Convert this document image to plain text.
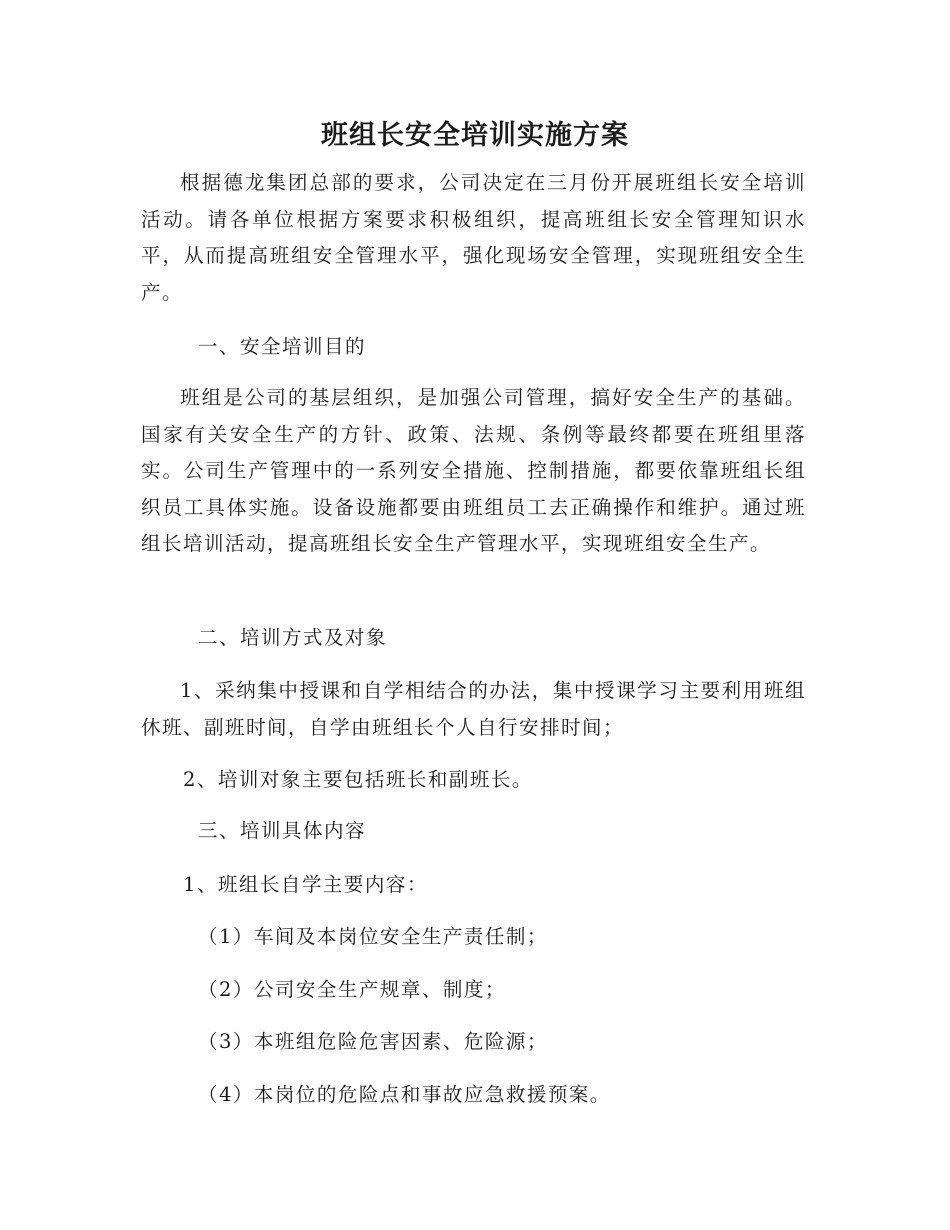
班组长安全培训实施方案
根据德龙集团总部的要求，公司决定在三月份开展班组长安全培训活动。请各单位根据方案要求积极组织，提高班组长安全管理知识水平，从而提高班组安全管理水平，强化现场安全管理，实现班组安全生产。
一、安全培训目的
班组是公司的基层组织，是加强公司管理，搞好安全生产的基础。国家有关安全生产的方针、政策、法规、条例等最终都要在班组里落实。公司生产管理中的一系列安全措施、控制措施，都要依靠班组长组织员工具体实施。设备设施都要由班组员工去正确操作和维护。通过班组长培训活动，提高班组长安全生产管理水平，实现班组安全生产。
二、培训方式及对象
1、采纳集中授课和自学相结合的办法，集中授课学习主要利用班组休班、副班时间，自学由班组长个人自行安排时间；
2、培训对象主要包括班长和副班长。
三、培训具体内容
1、班组长自学主要内容：
（1）车间及本岗位安全生产责任制；
（2）公司安全生产规章、制度；
（3）本班组危险危害因素、危险源；
（4）本岗位的危险点和事故应急救援预案。
